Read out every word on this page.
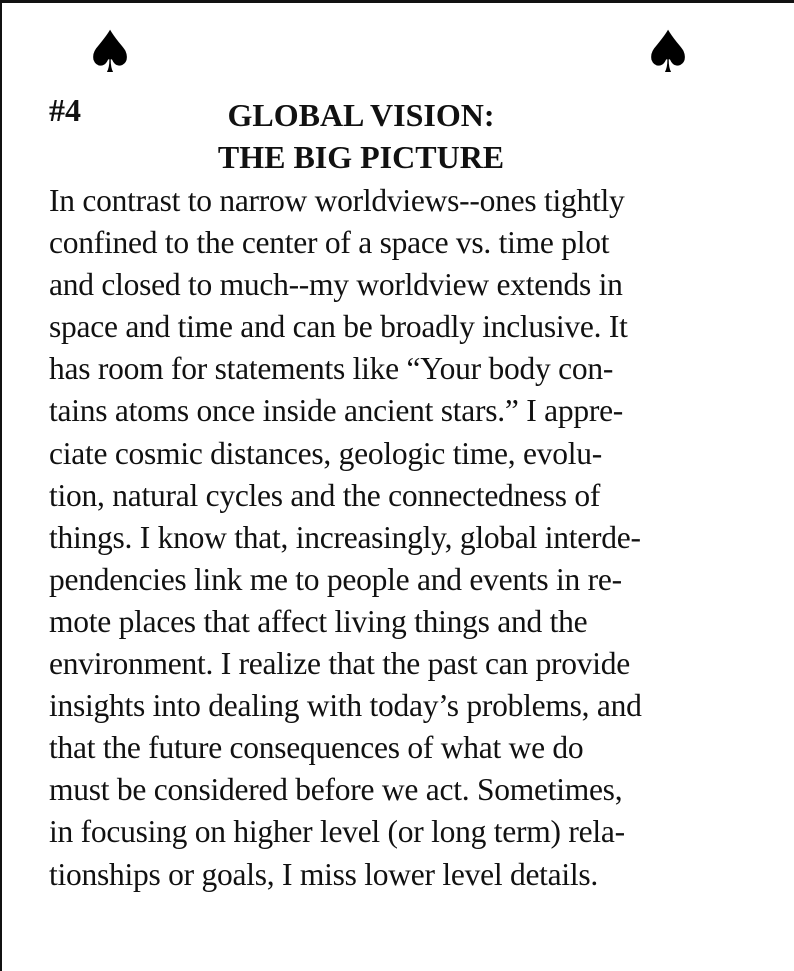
♠	♠
#4	GLOBAL VISION:
THE BIG PICTURE
In contrast to narrow worldviews--ones tightly
confined to the center of a space vs. time plot
and closed to much--my worldview extends in
space and time and can be broadly inclusive. It
has room for statements like “Your body con-
tains atoms once inside ancient stars.” I appre-
ciate cosmic distances, geologic time, evolu-
tion, natural cycles and the connectedness of
things. I know that, increasingly, global interde-
pendencies link me to people and events in re-
mote places that affect living things and the
environment. I realize that the past can provide
insights into dealing with today’s problems, and
that the future consequences of what we do
must be considered before we act. Sometimes,
in focusing on higher level (or long term) rela-
tionships or goals, I miss lower level details.
